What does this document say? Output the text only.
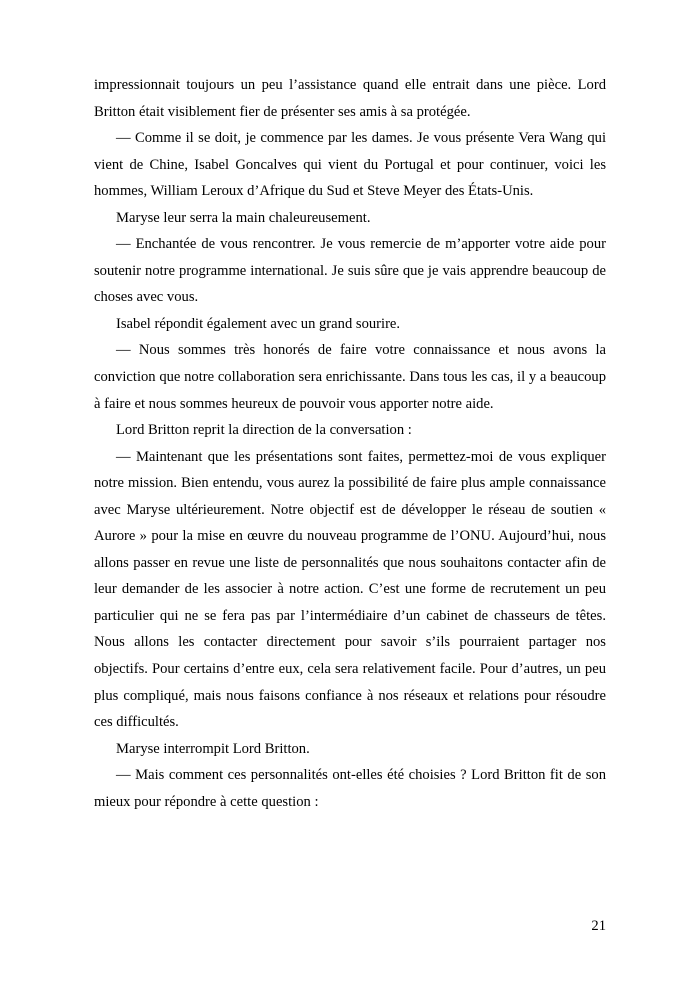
impressionnait toujours un peu l’assistance quand elle entrait dans une pièce. Lord Britton était visiblement fier de présenter ses amis à sa protégée.

— Comme il se doit, je commence par les dames. Je vous présente Vera Wang qui vient de Chine, Isabel Goncalves qui vient du Portugal et pour continuer, voici les hommes, William Leroux d’Afrique du Sud et Steve Meyer des États-Unis.

Maryse leur serra la main chaleureusement.

— Enchantée de vous rencontrer. Je vous remercie de m’apporter votre aide pour soutenir notre programme international. Je suis sûre que je vais apprendre beaucoup de choses avec vous.

Isabel répondit également avec un grand sourire.

— Nous sommes très honorés de faire votre connaissance et nous avons la conviction que notre collaboration sera enrichissante. Dans tous les cas, il y a beaucoup à faire et nous sommes heureux de pouvoir vous apporter notre aide.

Lord Britton reprit la direction de la conversation :

— Maintenant que les présentations sont faites, permettez-moi de vous expliquer notre mission. Bien entendu, vous aurez la possibilité de faire plus ample connaissance avec Maryse ultérieurement. Notre objectif est de développer le réseau de soutien « Aurore » pour la mise en œuvre du nouveau programme de l’ONU. Aujourd’hui, nous allons passer en revue une liste de personnalités que nous souhaitons contacter afin de leur demander de les associer à notre action. C’est une forme de recrutement un peu particulier qui ne se fera pas par l’intermédiaire d’un cabinet de chasseurs de têtes. Nous allons les contacter directement pour savoir s’ils pourraient partager nos objectifs. Pour certains d’entre eux, cela sera relativement facile. Pour d’autres, un peu plus compliqué, mais nous faisons confiance à nos réseaux et relations pour résoudre ces difficultés.

Maryse interrompit Lord Britton.

— Mais comment ces personnalités ont-elles été choisies ? Lord Britton fit de son mieux pour répondre à cette question :

21
